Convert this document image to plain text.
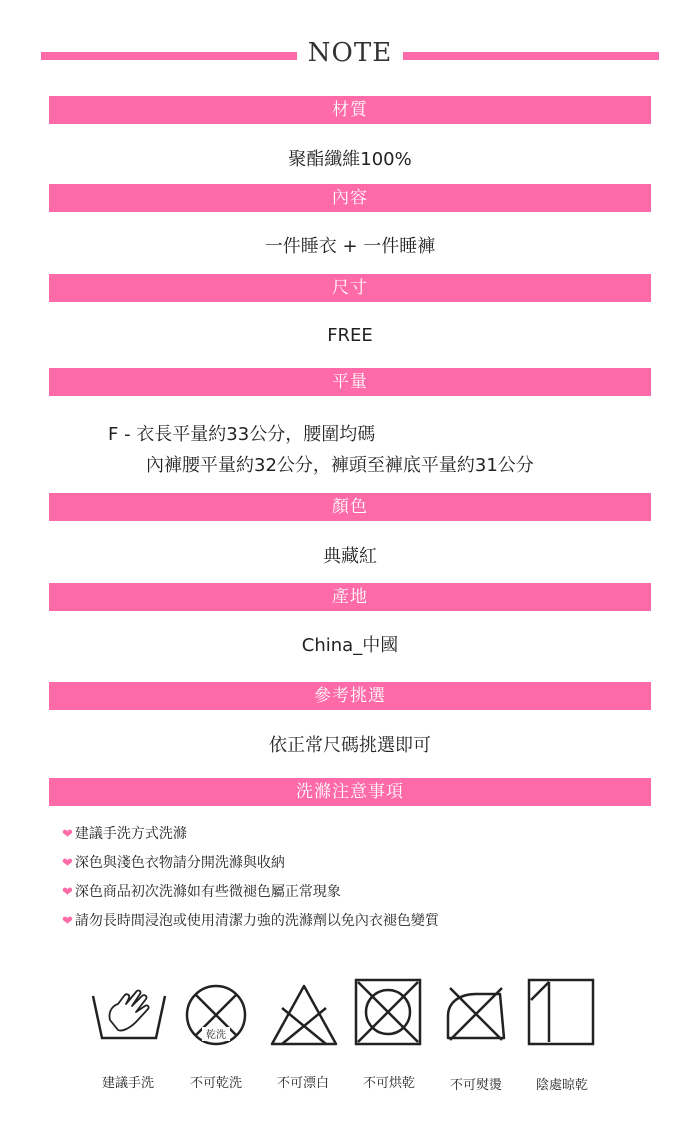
NOTE
材質
聚酯纖維100%
內容
一件睡衣 + 一件睡褲
尺寸
FREE
平量
F - 衣長平量約33公分，腰圍均碼
內褲腰平量約32公分，褲頭至褲底平量約31公分
顏色
典藏紅
產地
China_中國
參考挑選
依正常尺碼挑選即可
洗滌注意事項
❤ 建議手洗方式洗滌
❤ 深色與淺色衣物請分開洗滌與收納
❤ 深色商品初次洗滌如有些微褪色屬正常現象
❤ 請勿長時間浸泡或使用清潔力強的洗滌劑以免內衣褪色變質
乾洗
建議手洗	不可乾洗	不可漂白	不可烘乾	不可熨燙	陰處晾乾
